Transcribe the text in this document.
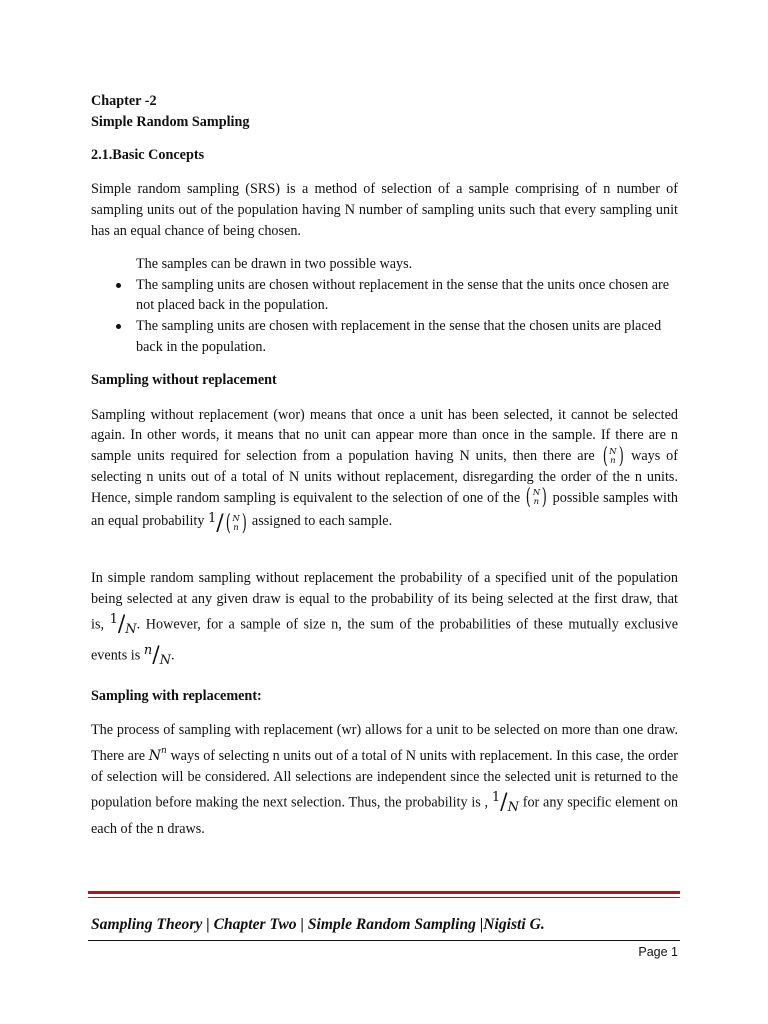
Chapter -2

Simple Random Sampling

2.1.Basic Concepts

Simple random sampling (SRS) is a method of selection of a sample comprising of n number of sampling units out of the population having N number of sampling units such that every sampling unit has an equal chance of being chosen.

The samples can be drawn in two possible ways.
The sampling units are chosen without replacement in the sense that the units once chosen are not placed back in the population.
The sampling units are chosen with replacement in the sense that the chosen units are placed back in the population.

Sampling without replacement

Sampling without replacement (wor) means that once a unit has been selected, it cannot be selected again. In other words, it means that no unit can appear more than once in the sample. If there are n sample units required for selection from a population having N units, then there are ( N
n ) ways of selecting n units out of a total of N units without replacement, disregarding the order of the n units. Hence, simple random sampling is equivalent to the selection of one of the ( N
n ) possible samples with an equal probability 1/ ( N
n ) assigned to each sample.

In simple random sampling without replacement the probability of a specified unit of the population being selected at any given draw is equal to the probability of its being selected at the first draw, that is, 1/N. However, for a sample of size n, the sum of the probabilities of these mutually exclusive events is n/N.

Sampling with replacement:

The process of sampling with replacement (wr) allows for a unit to be selected on more than one draw. There are $N^n$ ways of selecting n units out of a total of N units with replacement. In this case, the order of selection will be considered. All selections are independent since the selected unit is returned to the population before making the next selection. Thus, the probability is , 1/N for any specific element on each of the n draws.

Sampling Theory | Chapter Two | Simple Random Sampling |Nigisti G.
Page 1
